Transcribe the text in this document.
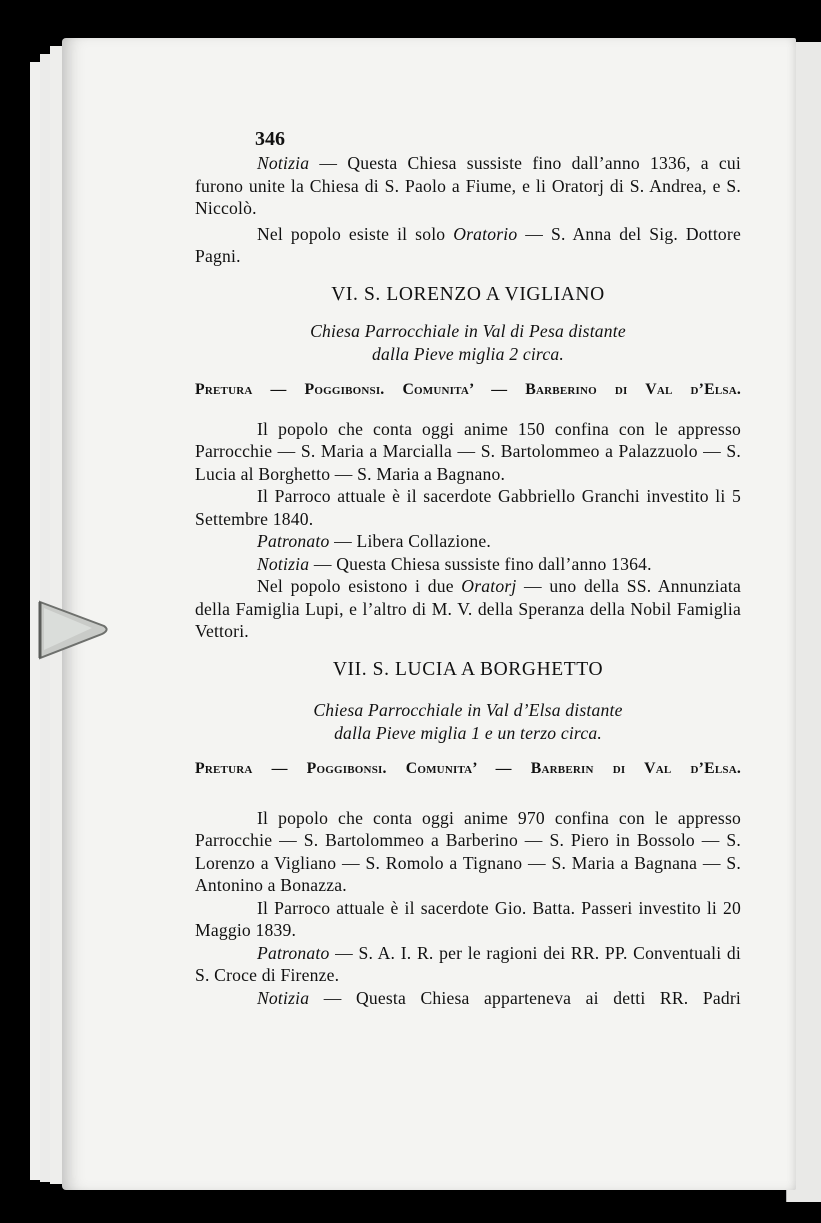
346

Notizia — Questa Chiesa sussiste fino dall’anno 1336, a cui furono unite la Chiesa di S. Paolo a Fiume, e li Oratorj di S. Andrea, e S. Niccolò.

Nel popolo esiste il solo Oratorio — S. Anna del Sig. Dottore Pagni.

VI. S. LORENZO A VIGLIANO
Chiesa Parrocchiale in Val di Pesa distante
dalla Pieve miglia 2 circa.

Pretura — Poggibonsi. Comunita’ — Barberino di Val d’Elsa.

Il popolo che conta oggi anime 150 confina con le appresso Parrocchie — S. Maria a Marcialla — S. Bartolommeo a Palazzuolo — S. Lucia al Borghetto — S. Maria a Bagnano.

Il Parroco attuale è il sacerdote Gabbriello Granchi investito li 5 Settembre 1840.

Patronato — Libera Collazione.

Notizia — Questa Chiesa sussiste fino dall’anno 1364.

Nel popolo esistono i due Oratorj — uno della SS. Annunziata della Famiglia Lupi, e l’altro di M. V. della Speranza della Nobil Famiglia Vettori.

VII. S. LUCIA A BORGHETTO
Chiesa Parrocchiale in Val d’Elsa distante
dalla Pieve miglia 1 e un terzo circa.

Pretura — Poggibonsi. Comunita’ — Barberin di Val d’Elsa.

Il popolo che conta oggi anime 970 confina con le appresso Parrocchie — S. Bartolommeo a Barberino — S. Piero in Bossolo — S. Lorenzo a Vigliano — S. Romolo a Tignano — S. Maria a Bagnana — S. Antonino a Bonazza.

Il Parroco attuale è il sacerdote Gio. Batta. Passeri investito li 20 Maggio 1839.

Patronato — S. A. I. R. per le ragioni dei RR. PP. Conventuali di S. Croce di Firenze.

Notizia — Questa Chiesa apparteneva ai detti RR. Padri
